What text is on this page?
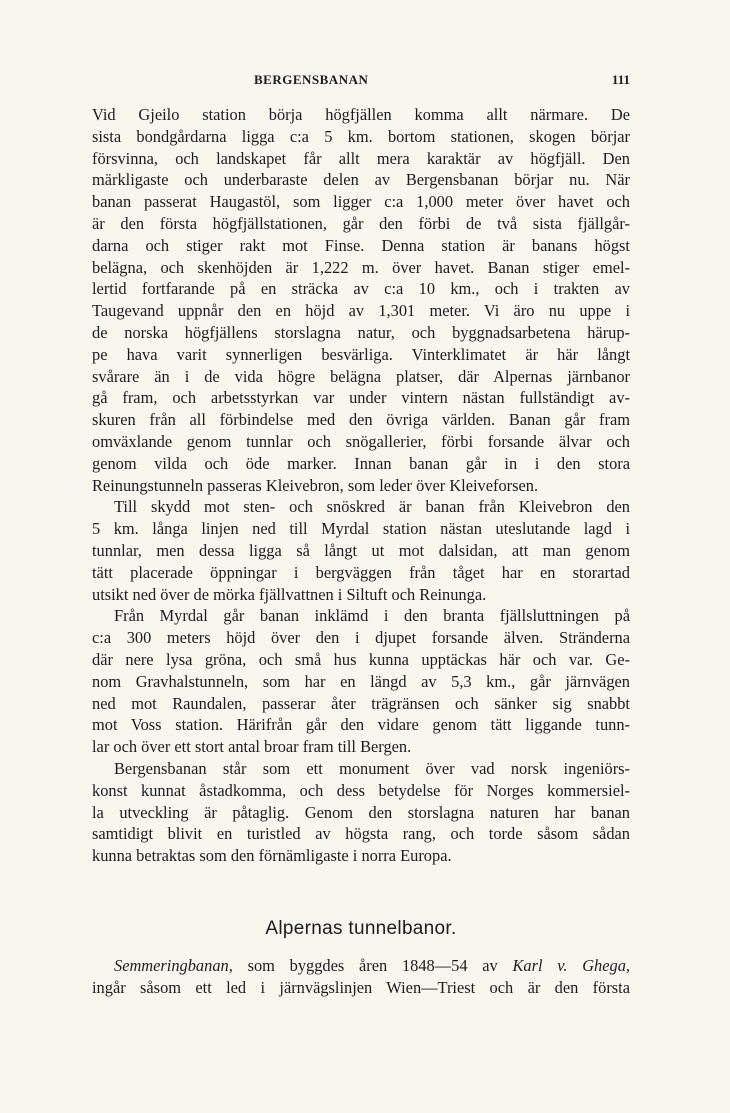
BERGENSBANAN	111
Vid Gjeilo station börja högfjällen komma allt närmare. De
sista bondgårdarna ligga c:a 5 km. bortom stationen, skogen börjar
försvinna, och landskapet får allt mera karaktär av högfjäll. Den
märkligaste och underbaraste delen av Bergensbanan börjar nu. När
banan passerat Haugastöl, som ligger c:a 1,000 meter över havet och
är den första högfjällstationen, går den förbi de två sista fjällgår-
darna och stiger rakt mot Finse. Denna station är banans högst
belägna, och skenhöjden är 1,222 m. över havet. Banan stiger emel-
lertid fortfarande på en sträcka av c:a 10 km., och i trakten av
Taugevand uppnår den en höjd av 1,301 meter. Vi äro nu uppe i
de norska högfjällens storslagna natur, och byggnadsarbetena härup-
pe hava varit synnerligen besvärliga. Vinterklimatet är här långt
svårare än i de vida högre belägna platser, där Alpernas järnbanor
gå fram, och arbetsstyrkan var under vintern nästan fullständigt av-
skuren från all förbindelse med den övriga världen. Banan går fram
omväxlande genom tunnlar och snögallerier, förbi forsande älvar och
genom vilda och öde marker. Innan banan går in i den stora
Reinungstunneln passeras Kleivebron, som leder över Kleiveforsen.
Till skydd mot sten- och snöskred är banan från Kleivebron den
5 km. långa linjen ned till Myrdal station nästan uteslutande lagd i
tunnlar, men dessa ligga så långt ut mot dalsidan, att man genom
tätt placerade öppningar i bergväggen från tåget har en storartad
utsikt ned över de mörka fjällvattnen i Siltuft och Reinunga.
Från Myrdal går banan inklämd i den branta fjällsluttningen på
c:a 300 meters höjd över den i djupet forsande älven. Stränderna
där nere lysa gröna, och små hus kunna upptäckas här och var. Ge-
nom Gravhalstunneln, som har en längd av 5,3 km., går järnvägen
ned mot Raundalen, passerar åter trägränsen och sänker sig snabbt
mot Voss station. Härifrån går den vidare genom tätt liggande tunn-
lar och över ett stort antal broar fram till Bergen.
Bergensbanan står som ett monument över vad norsk ingeniörs-
konst kunnat åstadkomma, och dess betydelse för Norges kommersiel-
la utveckling är påtaglig. Genom den storslagna naturen har banan
samtidigt blivit en turistled av högsta rang, och torde såsom sådan
kunna betraktas som den förnämligaste i norra Europa.
Alpernas tunnelbanor.
Semmeringbanan, som byggdes åren 1848—54 av Karl v. Ghega,
ingår såsom ett led i järnvägslinjen Wien—Triest och är den första
